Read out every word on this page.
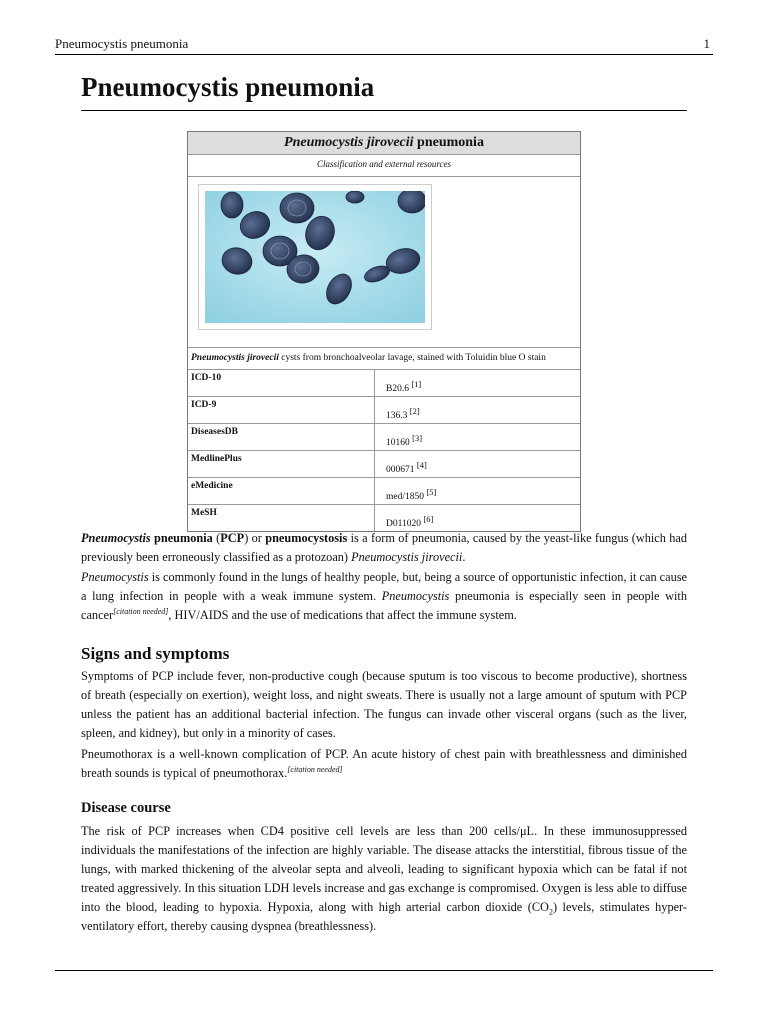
Pneumocystis pneumonia	1
Pneumocystis pneumonia
Pneumocystis jirovecii pneumonia
Classification and external resources
Pneumocystis jirovecii cysts from bronchoalveolar lavage, stained with Toluidin blue O stain
ICD-10
B20.6 [1]
ICD-9
136.3 [2]
DiseasesDB
10160 [3]
MedlinePlus
000671 [4]
eMedicine
med/1850 [5]
MeSH
D011020 [6]

Pneumocystis pneumonia (PCP) or pneumocystosis is a form of pneumonia, caused by the yeast-like fungus (which had previously been erroneously classified as a protozoan) Pneumocystis jirovecii.

Pneumocystis is commonly found in the lungs of healthy people, but, being a source of opportunistic infection, it can cause a lung infection in people with a weak immune system. Pneumocystis pneumonia is especially seen in people with cancer[citation needed], HIV/AIDS and the use of medications that affect the immune system.

Signs and symptoms

Symptoms of PCP include fever, non-productive cough (because sputum is too viscous to become productive), shortness of breath (especially on exertion), weight loss, and night sweats. There is usually not a large amount of sputum with PCP unless the patient has an additional bacterial infection. The fungus can invade other visceral organs (such as the liver, spleen, and kidney), but only in a minority of cases.

Pneumothorax is a well-known complication of PCP. An acute history of chest pain with breathlessness and diminished breath sounds is typical of pneumothorax.[citation needed]

Disease course

The risk of PCP increases when CD4 positive cell levels are less than 200 cells/μL. In these immunosuppressed individuals the manifestations of the infection are highly variable. The disease attacks the interstitial, fibrous tissue of the lungs, with marked thickening of the alveolar septa and alveoli, leading to significant hypoxia which can be fatal if not treated aggressively. In this situation LDH levels increase and gas exchange is compromised. Oxygen is less able to diffuse into the blood, leading to hypoxia. Hypoxia, along with high arterial carbon dioxide $(CO_2)$ levels, stimulates hyper-ventilatory effort, thereby causing dyspnea (breathlessness).
